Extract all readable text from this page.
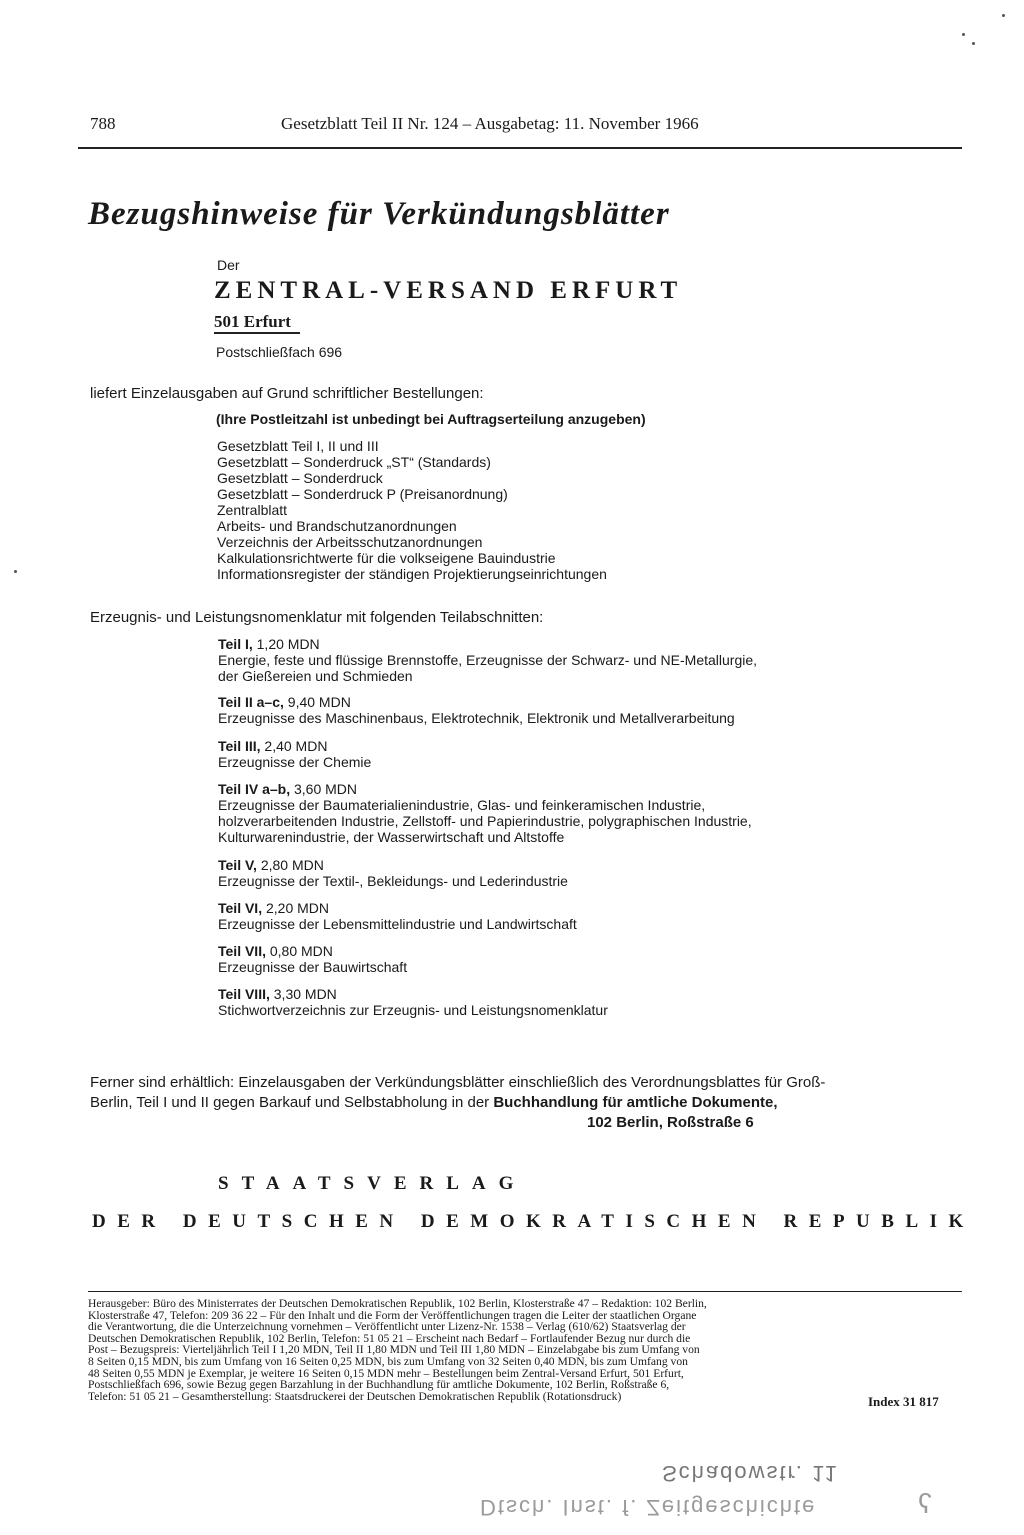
788	Gesetzblatt Teil II Nr. 124 – Ausgabetag: 11. November 1966
Bezugshinweise für Verkündungsblätter
Der
ZENTRAL-VERSAND ERFURT
501 Erfurt
Postschließfach 696
liefert Einzelausgaben auf Grund schriftlicher Bestellungen:
(Ihre Postleitzahl ist unbedingt bei Auftragserteilung anzugeben)
Gesetzblatt Teil I, II und III
Gesetzblatt – Sonderdruck „ST“ (Standards)
Gesetzblatt – Sonderdruck
Gesetzblatt – Sonderdruck P (Preisanordnung)
Zentralblatt
Arbeits- und Brandschutzanordnungen
Verzeichnis der Arbeitsschutzanordnungen
Kalkulationsrichtwerte für die volkseigene Bauindustrie
Informationsregister der ständigen Projektierungseinrichtungen
Erzeugnis- und Leistungsnomenklatur mit folgenden Teilabschnitten:
Teil I, 1,20 MDN
Energie, feste und flüssige Brennstoffe, Erzeugnisse der Schwarz- und NE-Metallurgie,
der Gießereien und Schmieden
Teil II a–c, 9,40 MDN
Erzeugnisse des Maschinenbaus, Elektrotechnik, Elektronik und Metallverarbeitung
Teil III, 2,40 MDN
Erzeugnisse der Chemie
Teil IV a–b, 3,60 MDN
Erzeugnisse der Baumaterialienindustrie, Glas- und feinkeramischen Industrie,
holzverarbeitenden Industrie, Zellstoff- und Papierindustrie, polygraphischen Industrie,
Kulturwarenindustrie, der Wasserwirtschaft und Altstoffe
Teil V, 2,80 MDN
Erzeugnisse der Textil-, Bekleidungs- und Lederindustrie
Teil VI, 2,20 MDN
Erzeugnisse der Lebensmittelindustrie und Landwirtschaft
Teil VII, 0,80 MDN
Erzeugnisse der Bauwirtschaft
Teil VIII, 3,30 MDN
Stichwortverzeichnis zur Erzeugnis- und Leistungsnomenklatur
Ferner sind erhältlich: Einzelausgaben der Verkündungsblätter einschließlich des Verordnungsblattes für Groß-
Berlin, Teil I und II gegen Barkauf und Selbstabholung in der Buchhandlung für amtliche Dokumente,
102 Berlin, Roßstraße 6
STAATSVERLAG
DER DEUTSCHEN DEMOKRATISCHEN REPUBLIK
Herausgeber: Büro des Ministerrates der Deutschen Demokratischen Republik, 102 Berlin, Klosterstraße 47 – Redaktion: 102 Berlin,
Klosterstraße 47, Telefon: 209 36 22 – Für den Inhalt und die Form der Veröffentlichungen tragen die Leiter der staatlichen Organe
die Verantwortung, die die Unterzeichnung vornehmen – Veröffentlicht unter Lizenz-Nr. 1538 – Verlag (610/62) Staatsverlag der
Deutschen Demokratischen Republik, 102 Berlin, Telefon: 51 05 21 – Erscheint nach Bedarf – Fortlaufender Bezug nur durch die
Post – Bezugspreis: Vierteljährlich Teil I 1,20 MDN, Teil II 1,80 MDN und Teil III 1,80 MDN – Einzelabgabe bis zum Umfang von
8 Seiten 0,15 MDN, bis zum Umfang von 16 Seiten 0,25 MDN, bis zum Umfang von 32 Seiten 0,40 MDN, bis zum Umfang von
48 Seiten 0,55 MDN je Exemplar, je weitere 16 Seiten 0,15 MDN mehr – Bestellungen beim Zentral-Versand Erfurt, 501 Erfurt,
Postschließfach 696, sowie Bezug gegen Barzahlung in der Buchhandlung für amtliche Dokumente, 102 Berlin, Roßstraße 6,
Telefon: 51 05 21 – Gesamtherstellung: Staatsdruckerei der Deutschen Demokratischen Republik (Rotationsdruck)	Index 31 817
Schadowstr. 11
Dtsch. Inst. f. Zeitgeschichte	ʕ
